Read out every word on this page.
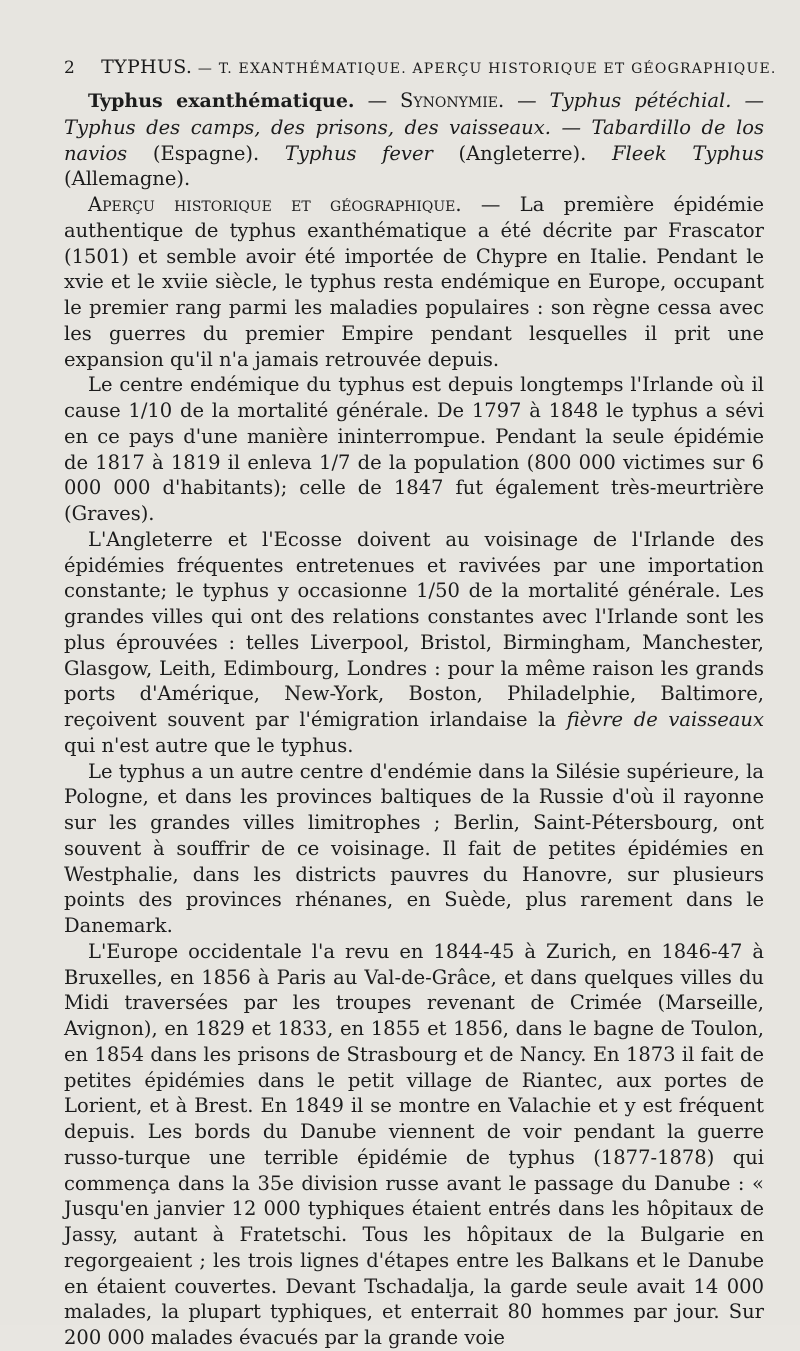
2 TYPHUS. — T. EXANTHÉMATIQUE. APERÇU HISTORIQUE ET GÉOGRAPHIQUE.

Typhus exanthématique. — Synonymie. — Typhus pétéchial. — Typhus des camps, des prisons, des vaisseaux. — Tabardillo de los navios (Espagne). Typhus fever (Angleterre). Fleek Typhus (Allemagne).

Aperçu historique et géographique. — La première épidémie authentique de typhus exanthématique a été décrite par Frascator (1501) et semble avoir été importée de Chypre en Italie. Pendant le xvie et le xviie siècle, le typhus resta endémique en Europe, occupant le premier rang parmi les maladies populaires : son règne cessa avec les guerres du premier Empire pendant lesquelles il prit une expansion qu'il n'a jamais retrouvée depuis.

Le centre endémique du typhus est depuis longtemps l'Irlande où il cause 1/10 de la mortalité générale. De 1797 à 1848 le typhus a sévi en ce pays d'une manière ininterrompue. Pendant la seule épidémie de 1817 à 1819 il enleva 1/7 de la population (800 000 victimes sur 6 000 000 d'habitants); celle de 1847 fut également très-meurtrière (Graves).

L'Angleterre et l'Ecosse doivent au voisinage de l'Irlande des épidémies fréquentes entretenues et ravivées par une importation constante; le typhus y occasionne 1/50 de la mortalité générale. Les grandes villes qui ont des relations constantes avec l'Irlande sont les plus éprouvées : telles Liverpool, Bristol, Birmingham, Manchester, Glasgow, Leith, Edimbourg, Londres : pour la même raison les grands ports d'Amérique, New-York, Boston, Philadelphie, Baltimore, reçoivent souvent par l'émigration irlandaise la fièvre de vaisseaux qui n'est autre que le typhus.

Le typhus a un autre centre d'endémie dans la Silésie supérieure, la Pologne, et dans les provinces baltiques de la Russie d'où il rayonne sur les grandes villes limitrophes ; Berlin, Saint-Pétersbourg, ont souvent à souffrir de ce voisinage. Il fait de petites épidémies en Westphalie, dans les districts pauvres du Hanovre, sur plusieurs points des provinces rhénanes, en Suède, plus rarement dans le Danemark.

L'Europe occidentale l'a revu en 1844-45 à Zurich, en 1846-47 à Bruxelles, en 1856 à Paris au Val-de-Grâce, et dans quelques villes du Midi traversées par les troupes revenant de Crimée (Marseille, Avignon), en 1829 et 1833, en 1855 et 1856, dans le bagne de Toulon, en 1854 dans les prisons de Strasbourg et de Nancy. En 1873 il fait de petites épidémies dans le petit village de Riantec, aux portes de Lorient, et à Brest. En 1849 il se montre en Valachie et y est fréquent depuis. Les bords du Danube viennent de voir pendant la guerre russo-turque une terrible épidémie de typhus (1877-1878) qui commença dans la 35e division russe avant le passage du Danube : « Jusqu'en janvier 12 000 typhiques étaient entrés dans les hôpitaux de Jassy, autant à Fratetschi. Tous les hôpitaux de la Bulgarie en regorgeaient ; les trois lignes d'étapes entre les Balkans et le Danube en étaient couvertes. Devant Tschadalja, la garde seule avait 14 000 malades, la plupart typhiques, et enterrait 80 hommes par jour. Sur 200 000 malades évacués par la grande voie
